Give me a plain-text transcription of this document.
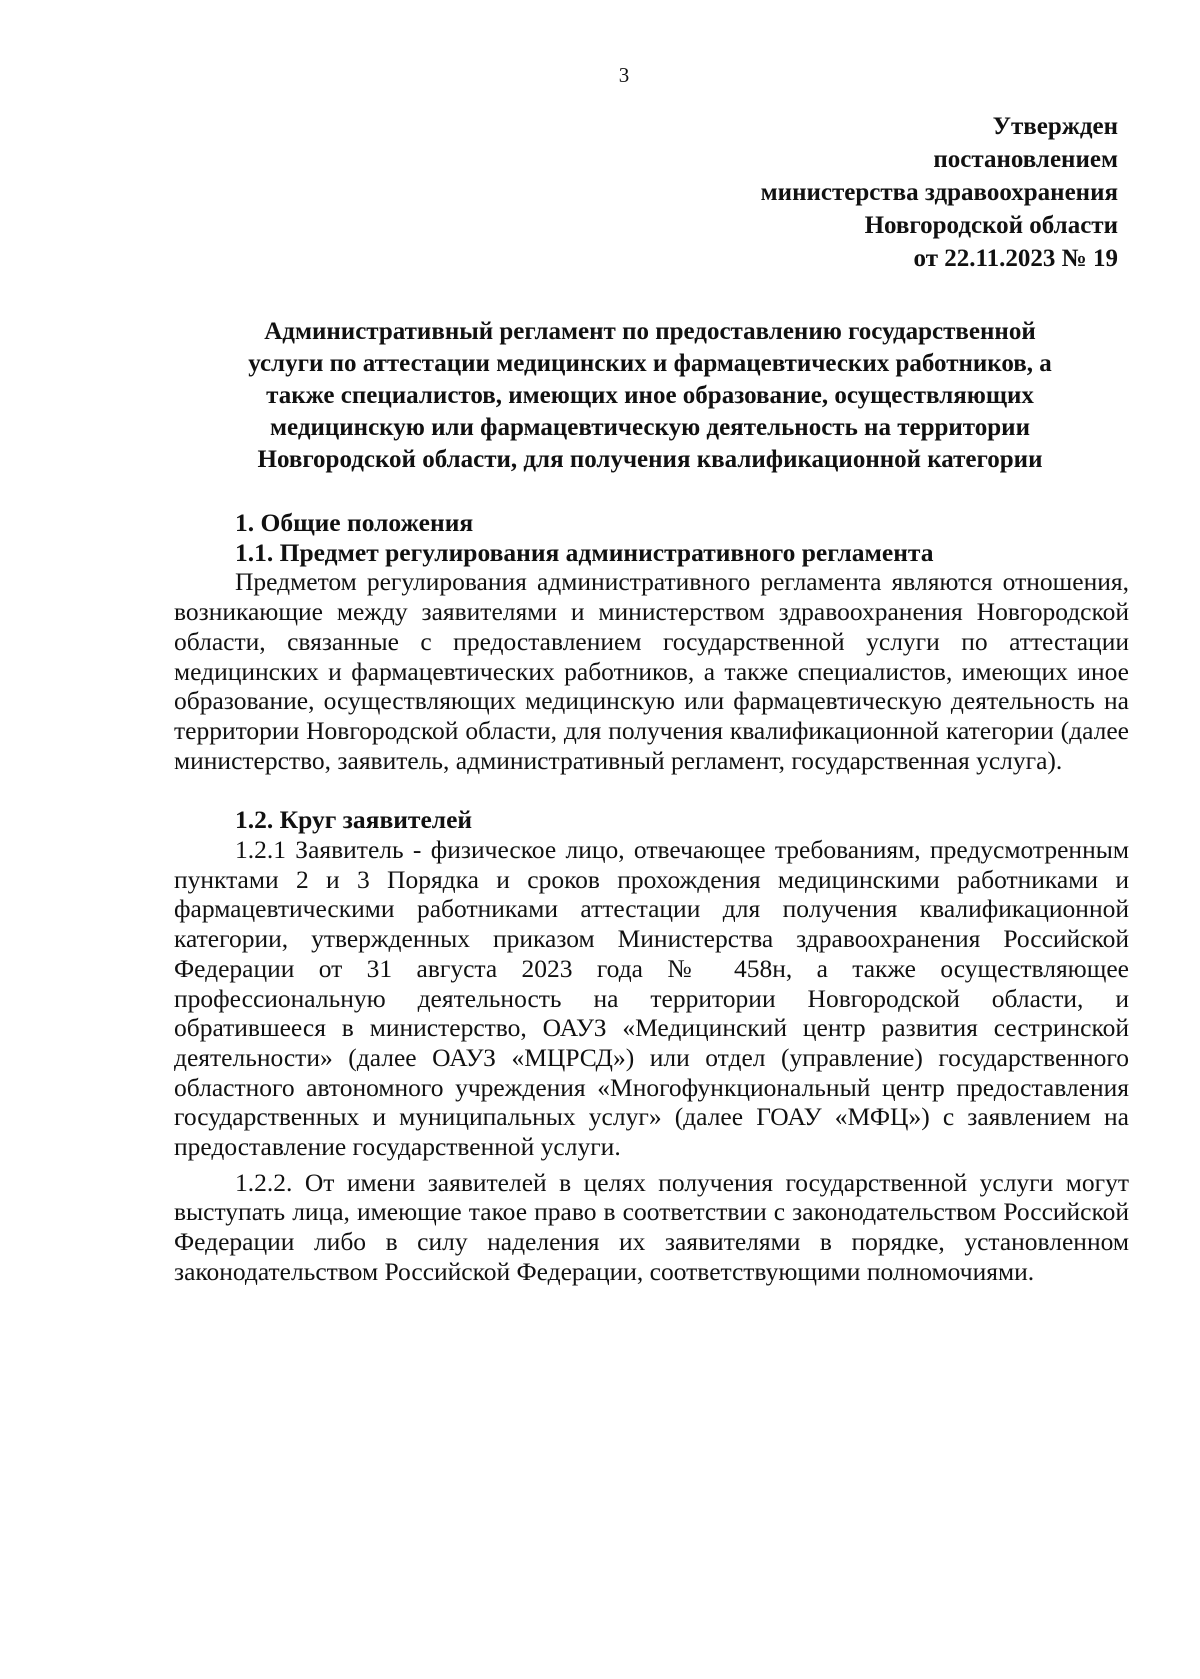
3
Утвержден
постановлением
министерства здравоохранения
Новгородской области
от 22.11.2023 № 19
Административный регламент по предоставлению государственной
услуги по аттестации медицинских и фармацевтических работников, а
также специалистов, имеющих иное образование, осуществляющих
медицинскую или фармацевтическую деятельность на территории
Новгородской области, для получения квалификационной категории
1. Общие положения
1.1. Предмет регулирования административного регламента

Предметом регулирования административного регламента являются отношения, возникающие между заявителями и министерством здравоохранения Новгородской области, связанные с предоставлением государственной услуги по аттестации медицинских и фармацевтических работников, а также специалистов, имеющих иное образование, осуществляющих медицинскую или фармацевтическую деятельность на территории Новгородской области, для получения квалификационной категории (далее министерство, заявитель, административный регламент, государственная услуга).

1.2. Круг заявителей

1.2.1 Заявитель - физическое лицо, отвечающее требованиям, предусмотренным пунктами 2 и 3 Порядка и сроков прохождения медицинскими работниками и фармацевтическими работниками аттестации для получения квалификационной категории, утвержденных приказом Министерства здравоохранения Российской Федерации от 31 августа 2023 года № 458н, а также осуществляющее профессиональную деятельность на территории Новгородской области, и обратившееся в министерство, ОАУЗ «Медицинский центр развития сестринской деятельности» (далее ОАУЗ «МЦРСД») или отдел (управление) государственного областного автономного учреждения «Многофункциональный центр предоставления государственных и муниципальных услуг» (далее ГОАУ «МФЦ») с заявлением на предоставление государственной услуги.

1.2.2. От имени заявителей в целях получения государственной услуги могут выступать лица, имеющие такое право в соответствии с законодательством Российской Федерации либо в силу наделения их заявителями в порядке, установленном законодательством Российской Федерации, соответствующими полномочиями.
